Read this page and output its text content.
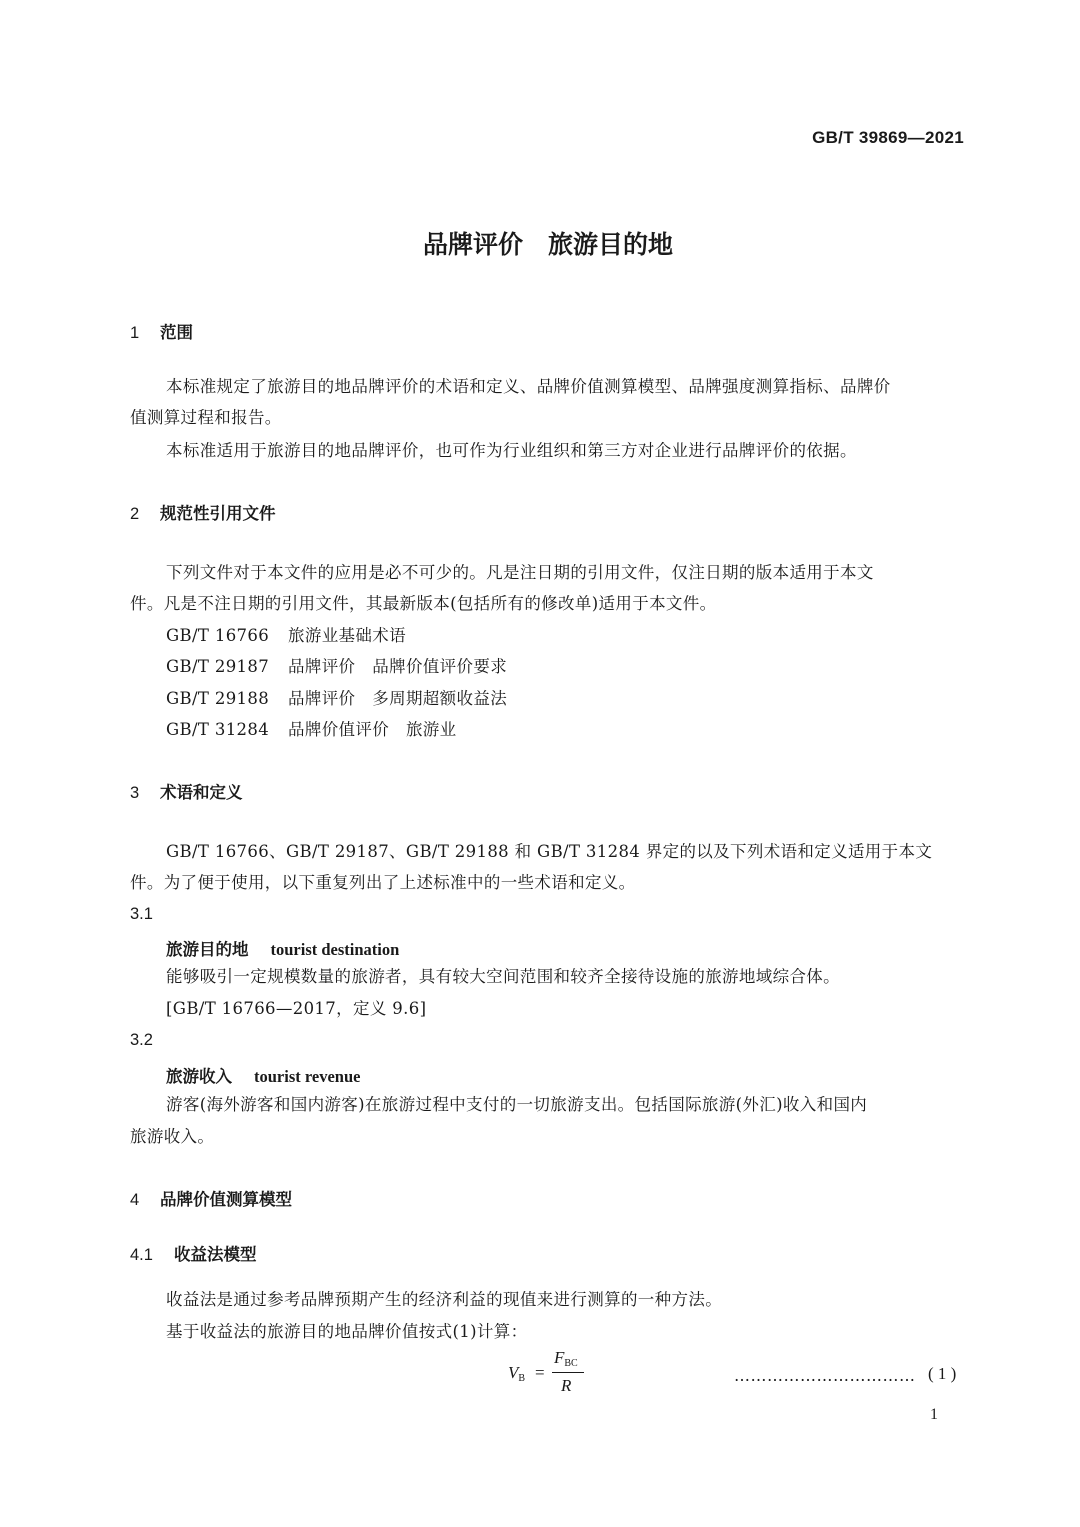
GB/T 39869—2021
品牌评价　旅游目的地
1 范围
本标准规定了旅游目的地品牌评价的术语和定义、品牌价值测算模型、品牌强度测算指标、品牌价
值测算过程和报告。
本标准适用于旅游目的地品牌评价，也可作为行业组织和第三方对企业进行品牌评价的依据。
2 规范性引用文件
下列文件对于本文件的应用是必不可少的。凡是注日期的引用文件，仅注日期的版本适用于本文
件。凡是不注日期的引用文件，其最新版本(包括所有的修改单)适用于本文件。
GB/T 16766 旅游业基础术语
GB/T 29187 品牌评价　品牌价值评价要求
GB/T 29188 品牌评价　多周期超额收益法
GB/T 31284 品牌价值评价　旅游业
3 术语和定义
GB/T 16766、GB/T 29187、GB/T 29188 和 GB/T 31284 界定的以及下列术语和定义适用于本文
件。为了便于使用，以下重复列出了上述标准中的一些术语和定义。
3.1
旅游目的地 tourist destination
能够吸引一定规模数量的旅游者，具有较大空间范围和较齐全接待设施的旅游地域综合体。
[GB/T 16766—2017，定义 9.6]
3.2
旅游收入 tourist revenue
游客(海外游客和国内游客)在旅游过程中支付的一切旅游支出。包括国际旅游(外汇)收入和国内
旅游收入。
4 品牌价值测算模型
4.1 收益法模型
收益法是通过参考品牌预期产生的经济利益的现值来进行测算的一种方法。
基于收益法的旅游目的地品牌价值按式(1)计算：
$V_B$ =
$F_{BC}$
R
…………………………… ( 1 )
1
